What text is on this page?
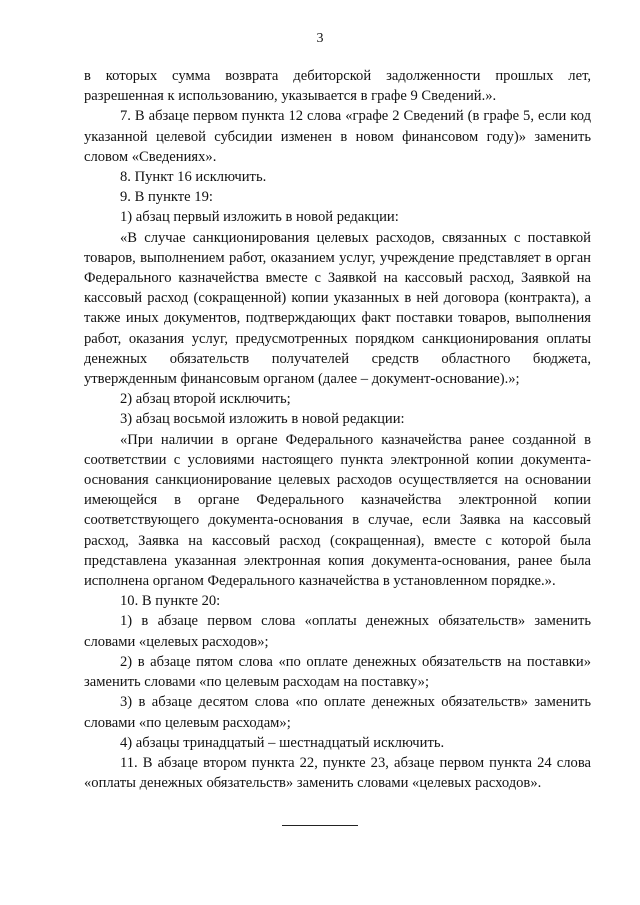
3

в которых сумма возврата дебиторской задолженности прошлых лет, разрешенная к использованию, указывается в графе 9 Сведений.».

7. В абзаце первом пункта 12 слова «графе 2 Сведений (в графе 5, если код указанной целевой субсидии изменен в новом финансовом году)» заменить словом «Сведениях».

8. Пункт 16 исключить.

9. В пункте 19:

1) абзац первый изложить в новой редакции:

«В случае санкционирования целевых расходов, связанных с поставкой товаров, выполнением работ, оказанием услуг, учреждение представляет в орган Федерального казначейства вместе с Заявкой на кассовый расход, Заявкой на кассовый расход (сокращенной) копии указанных в ней договора (контракта), а также иных документов, подтверждающих факт поставки товаров, выполнения работ, оказания услуг, предусмотренных порядком санкционирования оплаты денежных обязательств получателей средств областного бюджета, утвержденным финансовым органом (далее – документ-основание).»;

2) абзац второй исключить;

3) абзац восьмой изложить в новой редакции:

«При наличии в органе Федерального казначейства ранее созданной в соответствии с условиями настоящего пункта электронной копии документа-основания санкционирование целевых расходов осуществляется на основании имеющейся в органе Федерального казначейства электронной копии соответствующего документа-основания в случае, если Заявка на кассовый расход, Заявка на кассовый расход (сокращенная), вместе с которой была представлена указанная электронная копия документа-основания, ранее была исполнена органом Федерального казначейства в установленном порядке.».

10. В пункте 20:

1) в абзаце первом слова «оплаты денежных обязательств» заменить словами «целевых расходов»;

2) в абзаце пятом слова «по оплате денежных обязательств на поставки» заменить словами «по целевым расходам на поставку»;

3) в абзаце десятом слова «по оплате денежных обязательств» заменить словами «по целевым расходам»;

4) абзацы тринадцатый – шестнадцатый исключить.

11. В абзаце втором пункта 22, пункте 23, абзаце первом пункта 24 слова «оплаты денежных обязательств» заменить словами «целевых расходов».
